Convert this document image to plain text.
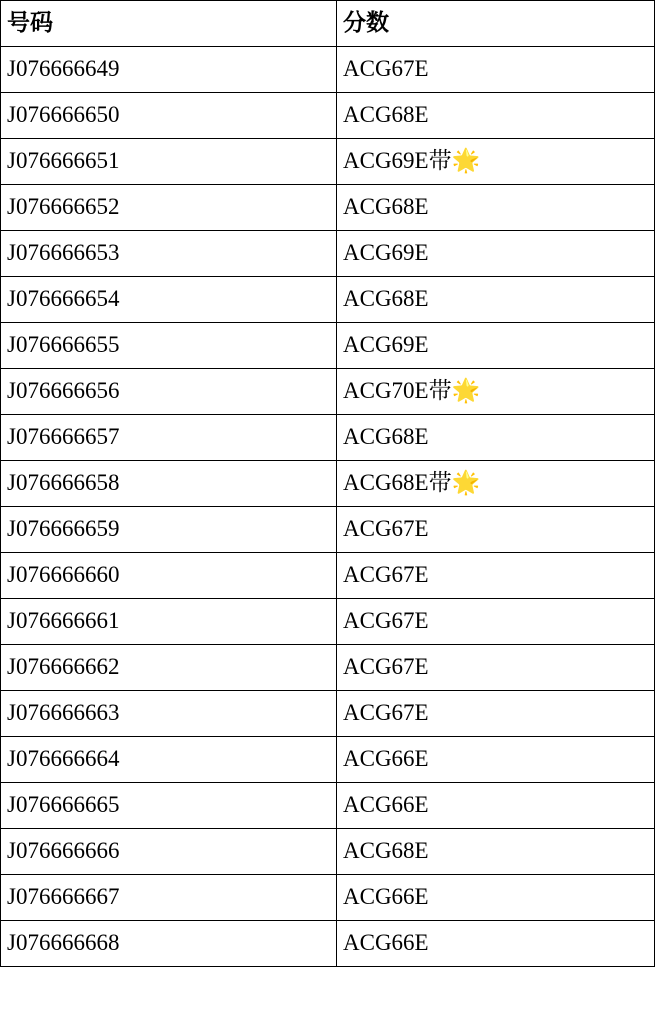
号码	分数
J076666649	ACG67E
J076666650	ACG68E
J076666651	ACG69E带🌟
J076666652	ACG68E
J076666653	ACG69E
J076666654	ACG68E
J076666655	ACG69E
J076666656	ACG70E带🌟
J076666657	ACG68E
J076666658	ACG68E带🌟
J076666659	ACG67E
J076666660	ACG67E
J076666661	ACG67E
J076666662	ACG67E
J076666663	ACG67E
J076666664	ACG66E
J076666665	ACG66E
J076666666	ACG68E
J076666667	ACG66E
J076666668	ACG66E
